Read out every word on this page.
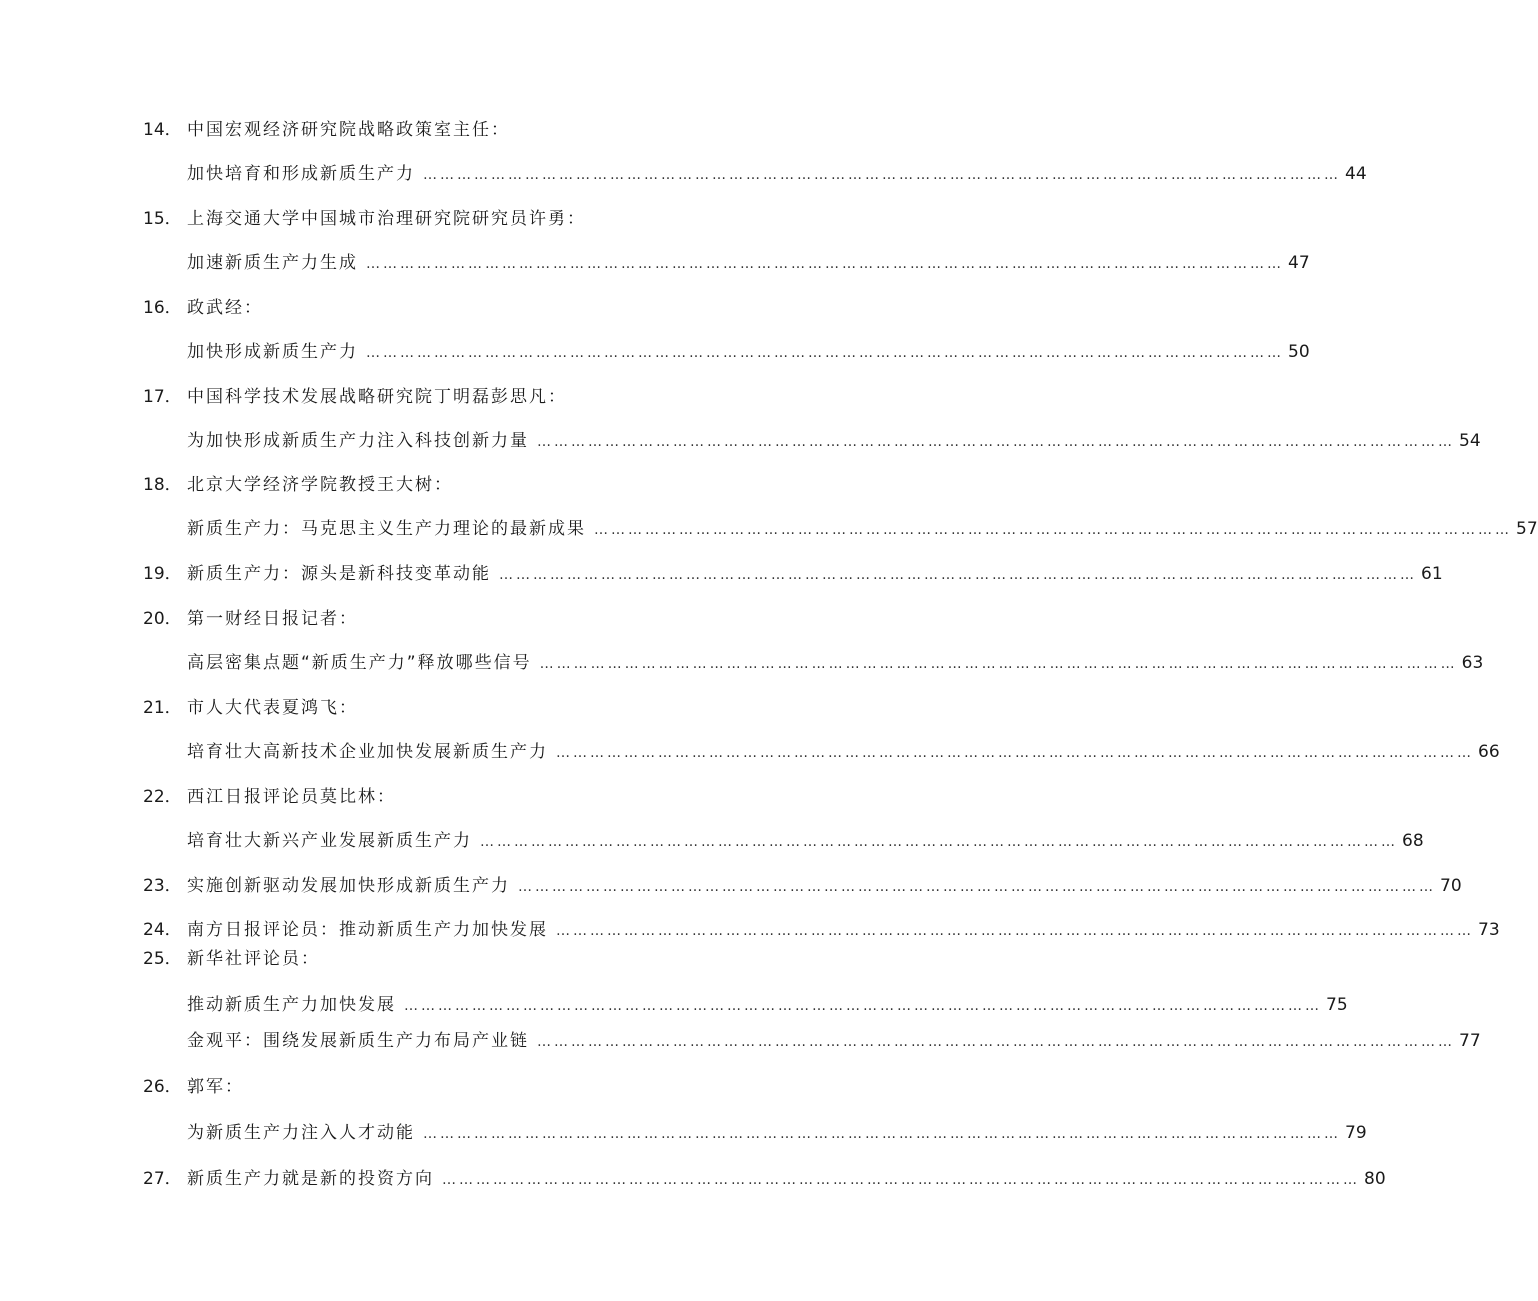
14． 中国宏观经济研究院战略政策室主任：
加快培育和形成新质生产力 ……………………………………………………………………………………………………………………………………………… 44
15． 上海交通大学中国城市治理研究院研究员许勇：
加速新质生产力生成 ……………………………………………………………………………………………………………………………………………… 47
16． 政武经：
加快形成新质生产力 ……………………………………………………………………………………………………………………………………………… 50
17． 中国科学技术发展战略研究院丁明磊彭思凡：
为加快形成新质生产力注入科技创新力量 ……………………………………………………………………………………………………………………………………………… 54
18． 北京大学经济学院教授王大树：
新质生产力：马克思主义生产力理论的最新成果 ……………………………………………………………………………………………………………………………………………… 57
19． 新质生产力：源头是新科技变革动能 ……………………………………………………………………………………………………………………………………………… 61
20． 第一财经日报记者：
高层密集点题“新质生产力”释放哪些信号 ……………………………………………………………………………………………………………………………………………… 63
21． 市人大代表夏鸿飞：
培育壮大高新技术企业加快发展新质生产力 ……………………………………………………………………………………………………………………………………………… 66
22． 西江日报评论员莫比林：
培育壮大新兴产业发展新质生产力 ……………………………………………………………………………………………………………………………………………… 68
23． 实施创新驱动发展加快形成新质生产力 ……………………………………………………………………………………………………………………………………………… 70
24． 南方日报评论员：推动新质生产力加快发展 ……………………………………………………………………………………………………………………………………………… 73
25． 新华社评论员：
推动新质生产力加快发展 ……………………………………………………………………………………………………………………………………………… 75
金观平：围绕发展新质生产力布局产业链 ……………………………………………………………………………………………………………………………………………… 77
26． 郭军：
为新质生产力注入人才动能 ……………………………………………………………………………………………………………………………………………… 79
27． 新质生产力就是新的投资方向 ……………………………………………………………………………………………………………………………………………… 80
